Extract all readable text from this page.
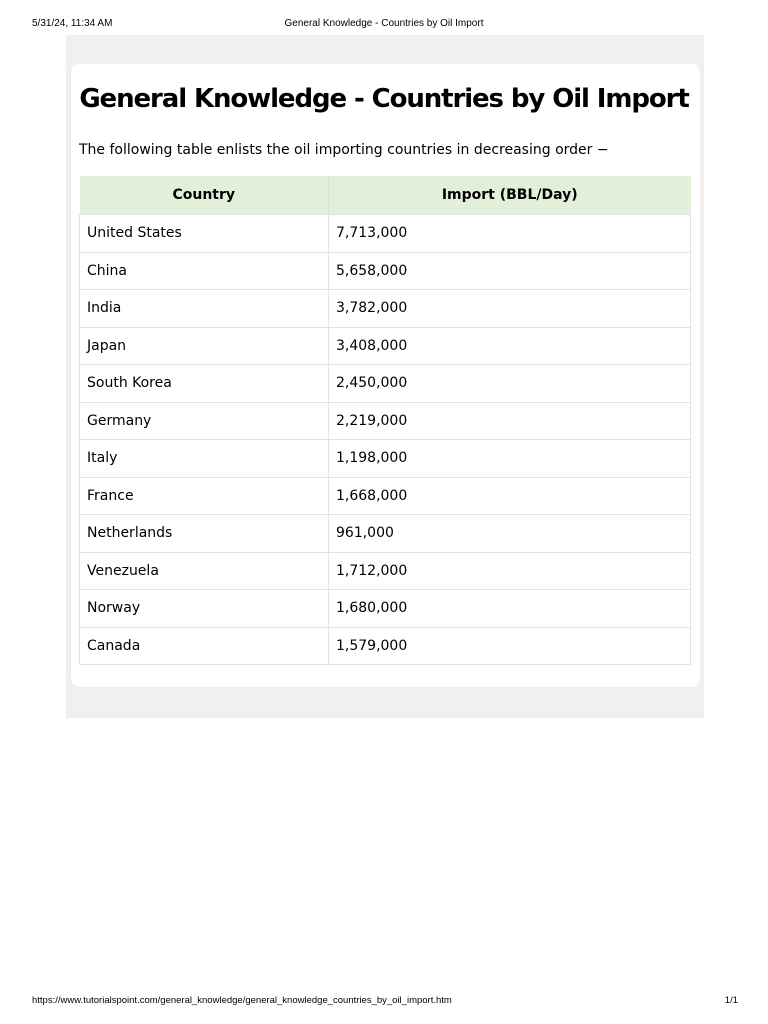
5/31/24, 11:34 AM	General Knowledge - Countries by Oil Import
General Knowledge - Countries by Oil Import

The following table enlists the oil importing countries in decreasing order −

Country	Import (BBL/Day)
United States	7,713,000
China	5,658,000
India	3,782,000
Japan	3,408,000
South Korea	2,450,000
Germany	2,219,000
Italy	1,198,000
France	1,668,000
Netherlands	961,000
Venezuela	1,712,000
Norway	1,680,000
Canada	1,579,000
https://www.tutorialspoint.com/general_knowledge/general_knowledge_countries_by_oil_import.htm	1/1
